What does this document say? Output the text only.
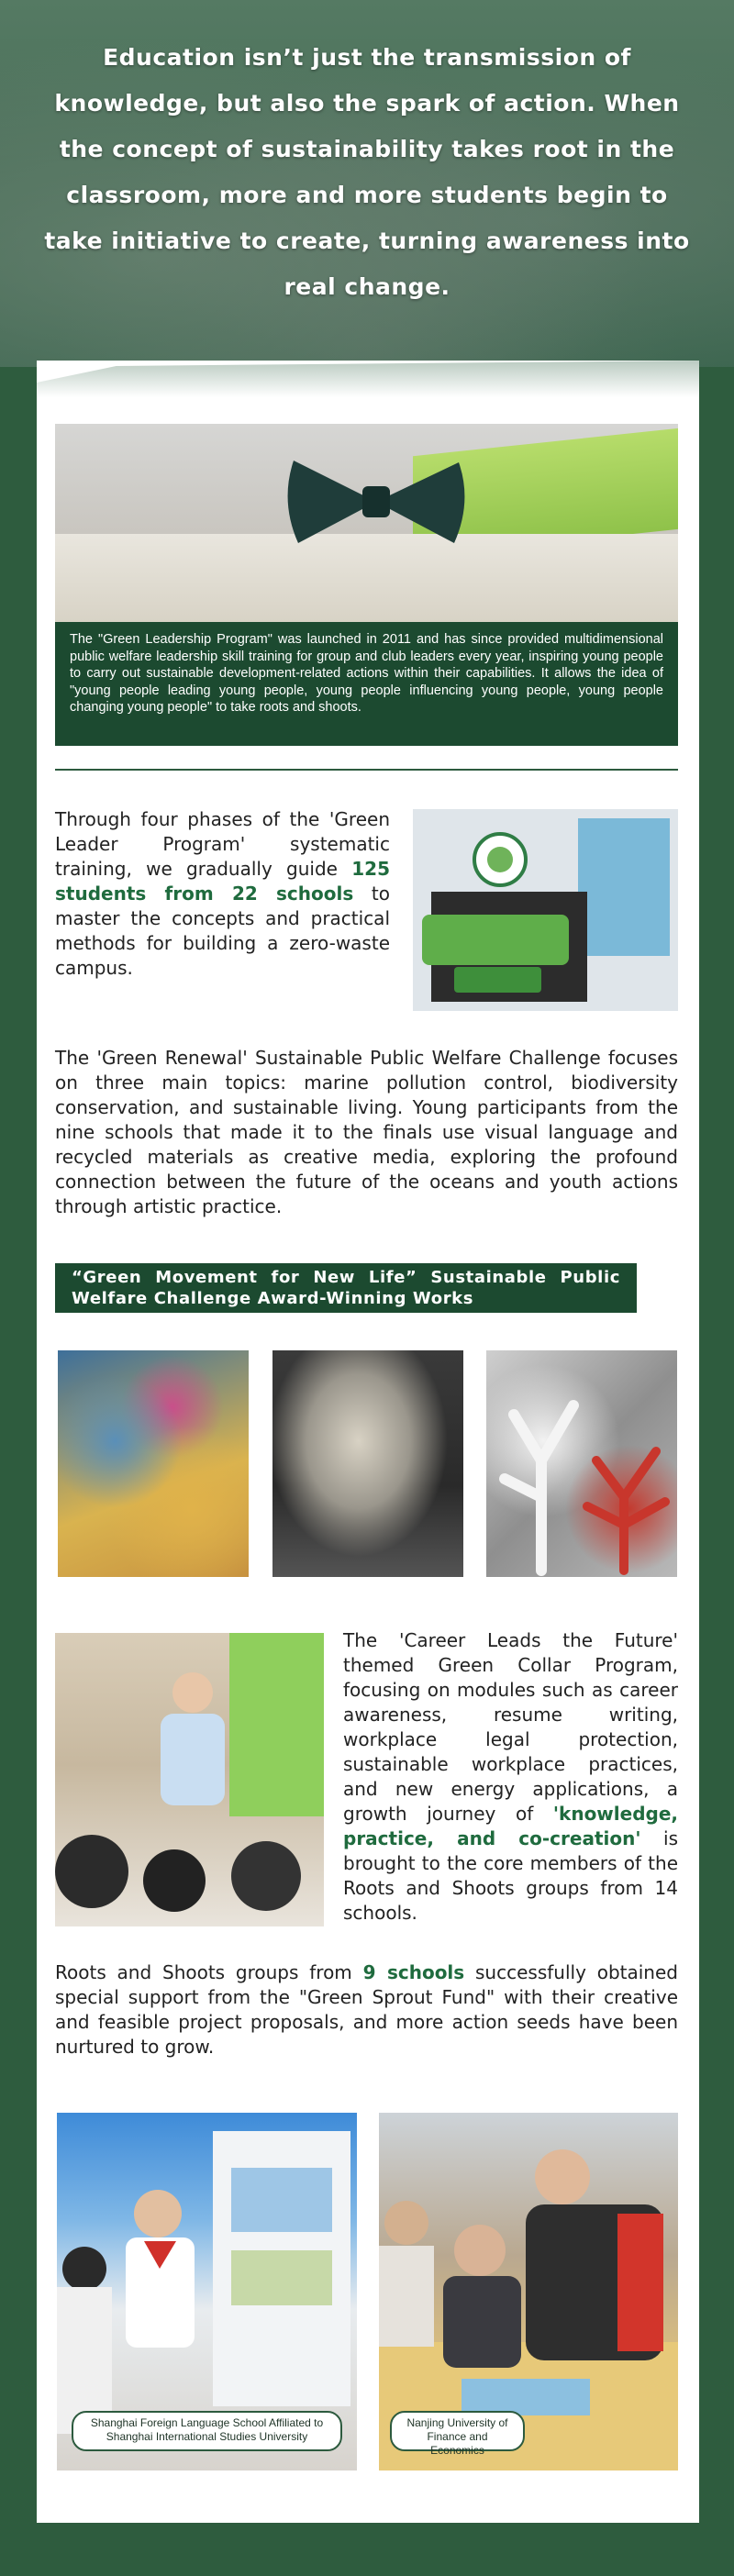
Education isn’t just the transmission of knowledge, but also the spark of action. When the concept of sustainability takes root in the classroom, more and more students begin to take initiative to create, turning awareness into real change.
The "Green Leadership Program" was launched in 2011 and has since provided multidimensional public welfare leadership skill training for group and club leaders every year, inspiring young people to carry out sustainable development-related actions within their capabilities. It allows the idea of "young people leading young people, young people influencing young people, young people changing young people" to take roots and shoots.
Through four phases of the 'Green Leader Program' systematic training, we gradually guide 125 students from 22 schools to master the concepts and practical methods for building a zero-waste campus.
The 'Green Renewal' Sustainable Public Welfare Challenge focuses on three main topics: marine pollution control, biodiversity conservation, and sustainable living. Young participants from the nine schools that made it to the finals use visual language and recycled materials as creative media, exploring the profound connection between the future of the oceans and youth actions through artistic practice.
“Green Movement for New Life” Sustainable Public Welfare Challenge Award-Winning Works
The 'Career Leads the Future' themed Green Collar Program, focusing on modules such as career awareness, resume writing, workplace legal protection, sustainable workplace practices, and new energy applications, a growth journey of 'knowledge, practice, and co-creation' is brought to the core members of the Roots and Shoots groups from 14 schools.
Roots and Shoots groups from 9 schools successfully obtained special support from the "Green Sprout Fund" with their creative and feasible project proposals, and more action seeds have been nurtured to grow.
Shanghai Foreign Language School Affiliated to Shanghai International Studies University
Nanjing University of Finance and Economics
